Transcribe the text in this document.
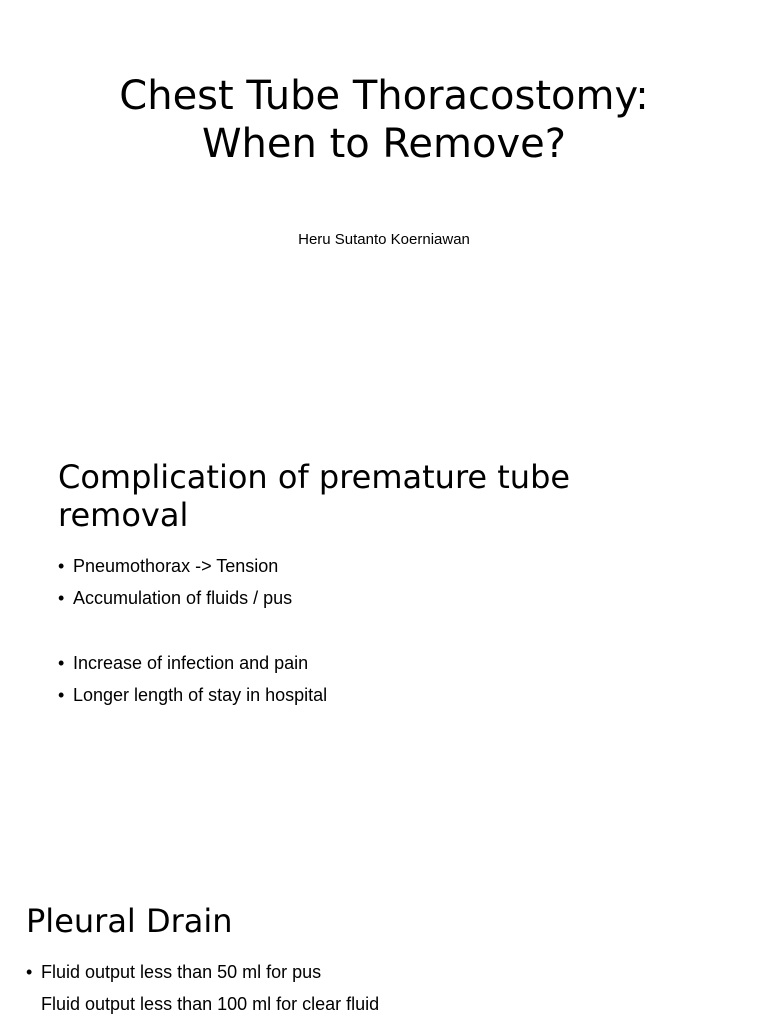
Chest Tube Thoracostomy: When to Remove?
Heru Sutanto Koerniawan
Complication of premature tube removal
• Pneumothorax -> Tension
• Accumulation of fluids / pus
• Increase of infection and pain
• Longer length of stay in hospital
Pleural Drain
• Fluid output less than 50 ml for pus
Fluid output less than 100 ml for clear fluid
